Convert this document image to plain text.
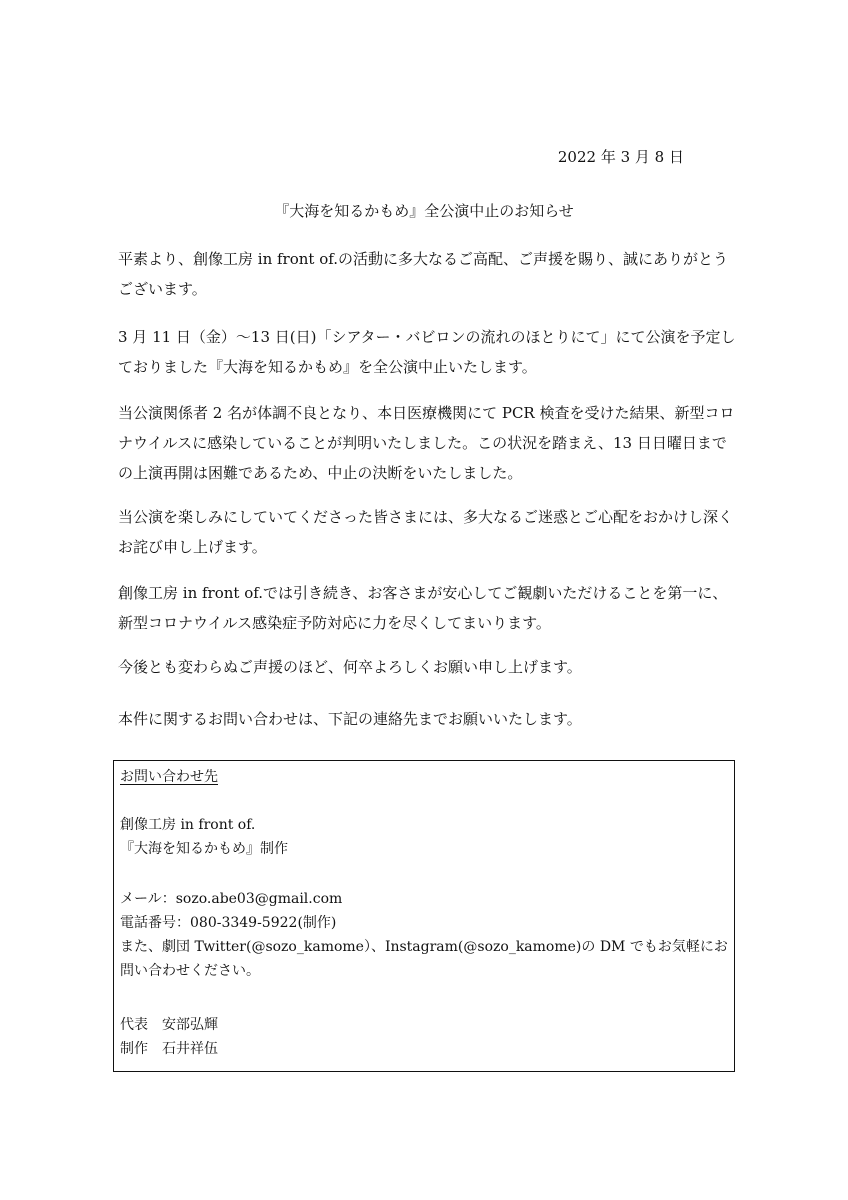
2022 年 3 月 8 日
『大海を知るかもめ』全公演中止のお知らせ

平素より、創像工房 in front of.の活動に多大なるご高配、ご声援を賜り、誠にありがとうございます。

3 月 11 日（金）〜13 日(日)「シアター・バビロンの流れのほとりにて」にて公演を予定しておりました『大海を知るかもめ』を全公演中止いたします。

当公演関係者 2 名が体調不良となり、本日医療機関にて PCR 検査を受けた結果、新型コロナウイルスに感染していることが判明いたしました。この状況を踏まえ、13 日日曜日までの上演再開は困難であるため、中止の決断をいたしました。

当公演を楽しみにしていてくださった皆さまには、多大なるご迷惑とご心配をおかけし深くお詫び申し上げます。

創像工房 in front of.では引き続き、お客さまが安心してご観劇いただけることを第一に、新型コロナウイルス感染症予防対応に力を尽くしてまいります。

今後とも変わらぬご声援のほど、何卒よろしくお願い申し上げます。

本件に関するお問い合わせは、下記の連絡先までお願いいたします。

お問い合わせ先
創像工房 in front of.
『大海を知るかもめ』制作
メール：sozo.abe03@gmail.com
電話番号：080-3349-5922(制作)
また、劇団 Twitter(@sozo_kamome）、Instagram(@sozo_kamome)の DM でもお気軽にお問い合わせください。
代表　安部弘輝
制作　石井祥伍
